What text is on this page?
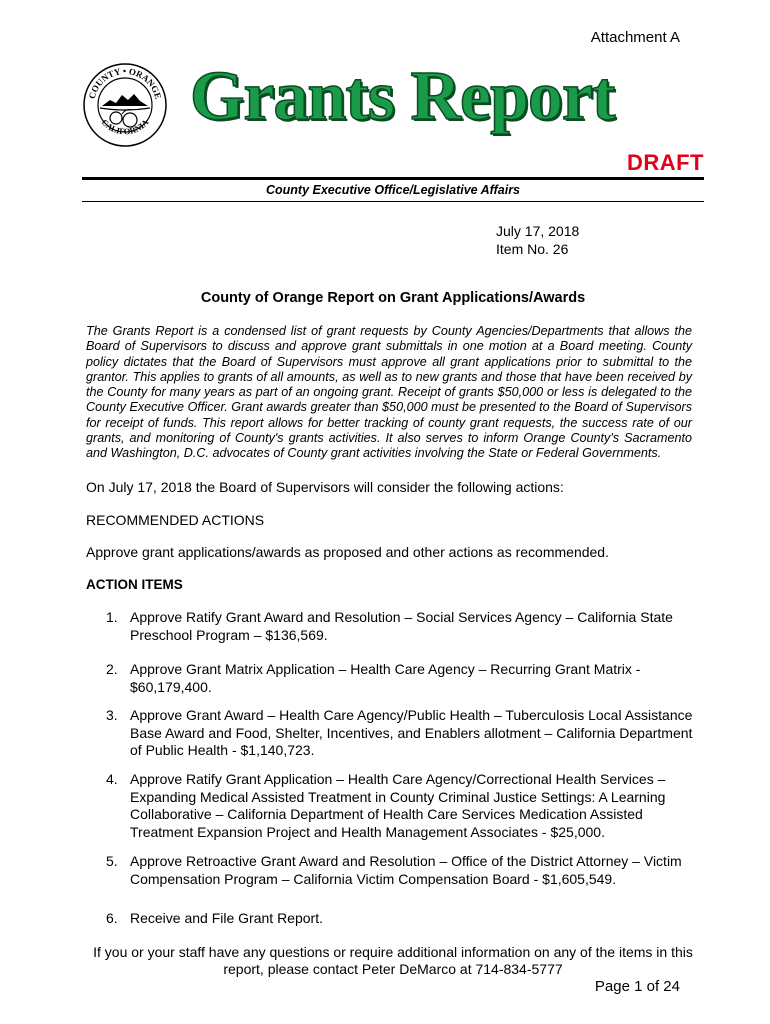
Attachment A
COUNTY • ORANGE
CALIFORNIA Grants Report
DRAFT
County Executive Office/Legislative Affairs
July 17, 2018
Item No. 26
County of Orange Report on Grant Applications/Awards
The Grants Report is a condensed list of grant requests by County Agencies/Departments that allows the Board of Supervisors to discuss and approve grant submittals in one motion at a Board meeting. County policy dictates that the Board of Supervisors must approve all grant applications prior to submittal to the grantor. This applies to grants of all amounts, as well as to new grants and those that have been received by the County for many years as part of an ongoing grant. Receipt of grants $50,000 or less is delegated to the County Executive Officer. Grant awards greater than $50,000 must be presented to the Board of Supervisors for receipt of funds. This report allows for better tracking of county grant requests, the success rate of our grants, and monitoring of County's grants activities. It also serves to inform Orange County's Sacramento and Washington, D.C. advocates of County grant activities involving the State or Federal Governments.
On July 17, 2018 the Board of Supervisors will consider the following actions:
RECOMMENDED ACTIONS
Approve grant applications/awards as proposed and other actions as recommended.
ACTION ITEMS
1. Approve Ratify Grant Award and Resolution – Social Services Agency – California State Preschool Program – $136,569.
2. Approve Grant Matrix Application – Health Care Agency – Recurring Grant Matrix - $60,179,400.
3. Approve Grant Award – Health Care Agency/Public Health – Tuberculosis Local Assistance Base Award and Food, Shelter, Incentives, and Enablers allotment – California Department of Public Health - $1,140,723.
4. Approve Ratify Grant Application – Health Care Agency/Correctional Health Services – Expanding Medical Assisted Treatment in County Criminal Justice Settings: A Learning Collaborative – California Department of Health Care Services Medication Assisted Treatment Expansion Project and Health Management Associates - $25,000.
5. Approve Retroactive Grant Award and Resolution – Office of the District Attorney – Victim Compensation Program – California Victim Compensation Board - $1,605,549.
6. Receive and File Grant Report.
If you or your staff have any questions or require additional information on any of the items in this report, please contact Peter DeMarco at 714-834-5777
Page 1 of 24
